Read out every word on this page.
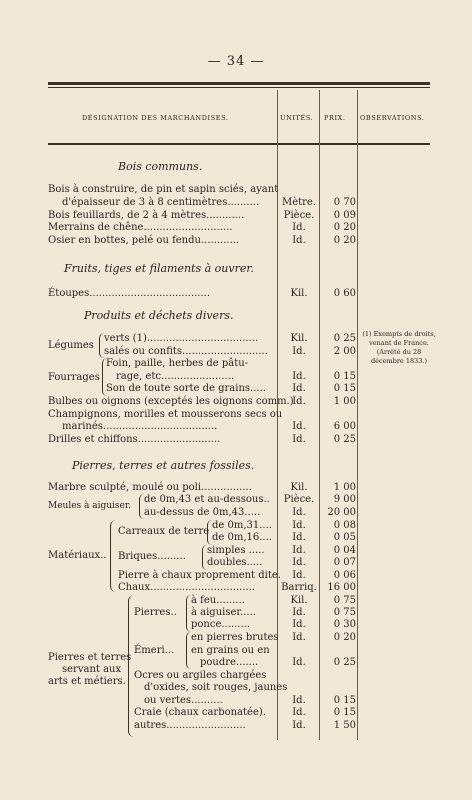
— 34 —
DÉSIGNATION DES MARCHANDISES.	UNITÉS. PRIX. OBSERVATIONS.
Bois communs.
Fruits, tiges et filaments à ouvrer.
Produits et déchets divers.
Pierres, terres et autres fossiles.
Bois à construire, de pin et sapin sciés, ayant
d'épaisseur de 3 à 8 centimètres..........	Mètre.	0 70
Bois feuillards, de 2 à 4 mètres............	Pièce.	0 09
Merrains de chêne............................	Id.	0 20
Osier en bottes, pelé ou fendu............	Id.	0 20
Étoupes......................................	Kil.	0 60
Légumes
verts (1)...................................	Kil.	0 25
salés ou confits...........................	Id.	2 00
Fourrages
Foin, paille, herbes de pâtu-
rage, etc.......................	Id.	0 15
Son de toute sorte de grains.....	Id.	0 15
Bulbes ou oignons (exceptés les oignons comm.)
Id.	1 00
Champignons, morilles et mousserons secs ou
marinés....................................	Id.	6 00
Drilles et chiffons..........................	Id.	0 25
(1) Exempts de droits, venant de France. (Arrêté du 28 décembre 1833.)
Marbre sculpté, moulé ou poli................	Kil.	1 00
Meules à aiguiser.
de 0m,43 et au-dessous..	Pièce.	9 00
au-dessus de 0m,43.....	Id.	20 00
Matériaux..
Carreaux de terre
de 0m,31....	Id.	0 08
de 0m,16....	Id.	0 05
Briques.........
simples .....	Id.	0 04
doubles.....	Id.	0 07
Pierre à chaux proprement dite.	Id.	0 06
Chaux.................................	Barriq.	16 00
Pierres et terres
servant aux
arts et métiers.
Pierres..
à feu.........	Kil.	0 75
à aiguiser.....	Id.	0 75
ponce.........	Id.	0 30
Émeri...
en pierres brutes	Id.	0 20
en grains ou en
poudre.......	Id.	0 25
Ocres ou argiles chargées
d'oxides, soit rouges, jaunes
ou vertes..........	Id.	0 15
Craie (chaux carbonatée).	Id.	0 15
autres.........................	Id.	1 50
